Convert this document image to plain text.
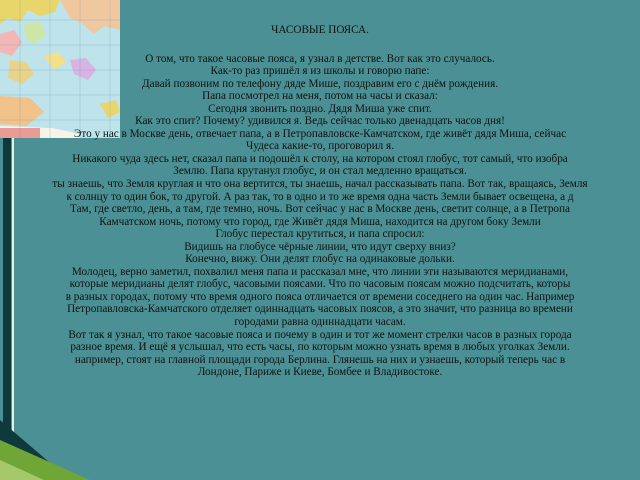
ЧАСОВЫЕ ПОЯСА.
О том, что такое часовые пояса, я узнал в детстве. Вот как это случалось.
Как-то раз пришёл я из школы и говорю папе:
Давай позвоним по телефону дяде Мише, поздравим его с днём рождения.
Папа посмотрел на меня, потом на часы и сказал:
Сегодня звонить поздно. Дядя Миша уже спит.
Как это спит? Почему? удивился я. Ведь сейчас только двенадцать часов дня!
Это у нас в Москве день, отвечает папа, а в Петропавловске-Камчатском, где живёт дядя Миша, сейчас
Чудеса какие-то, проговорил я.
Никакого чуда здесь нет, сказал папа и подошёл к столу, на котором стоял глобус, тот самый, что изобра
Землю. Папа крутанул глобус, и он стал медленно вращаться.
ты знаешь, что Земля круглая и что она вертится, ты знаешь, начал рассказывать папа. Вот так, вращаясь, Земля
к солнцу то один бок, то другой. А раз так, то в одно и то же время одна часть Земли бывает освещена, а д
Там, где светло, день, а там, где темно, ночь. Вот сейчас у нас в Москве день, светит солнце, а в Петропа
Камчатском ночь, потому что город, где Живёт дядя Миша, находится на другом боку Земли
Глобус перестал крутиться, и папа спросил:
Видишь на глобусе чёрные линии, что идут сверху вниз?
Конечно, вижу. Они делят глобус на одинаковые дольки.
Молодец, верно заметил, похвалил меня папа и рассказал мне, что линии эти называются меридианами,
которые меридианы делят глобус, часовыми поясами. Что по часовым поясам можно подсчитать, которы
в разных городах, потому что время одного пояса отличается от времени соседнего на один час. Например
Петропавловска-Камчатского отделяет одиннадцать часовых поясов, а это значит, что разница во времени
городами равна одиннадцати часам.
Вот так я узнал, что такое часовые пояса и почему в один и тот же момент стрелки часов в разных города
разное время. И ещё я услышал, что есть часы, по которым можно узнать время в любых уголках Земли.
например, стоят на главной площади города Берлина. Глянешь на них и узнаешь, который теперь час в
Лондоне, Париже и Киеве, Бомбее и Владивостоке.
